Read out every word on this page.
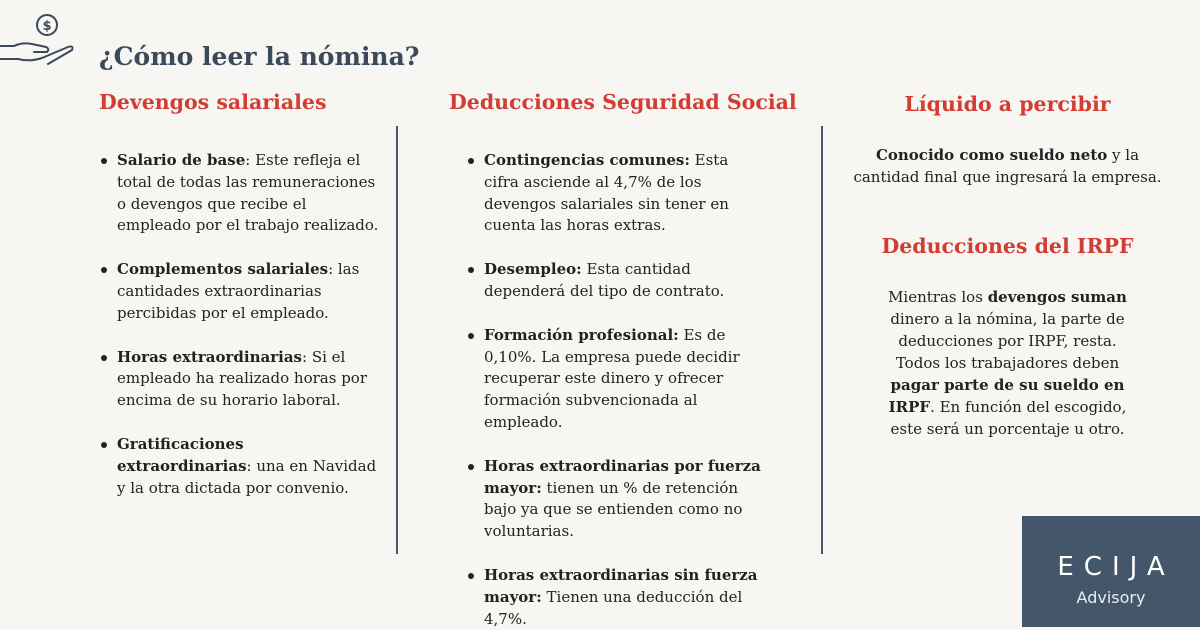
$
¿Cómo leer la nómina?
Devengos salariales
Salario de base: Este refleja el total de todas las remuneraciones o devengos que recibe el empleado por el trabajo realizado.
Complementos salariales: las cantidades extraordinarias percibidas por el empleado.
Horas extraordinarias: Si el empleado ha realizado horas por encima de su horario laboral.
Gratificaciones extraordinarias: una en Navidad y la otra dictada por convenio.
Deducciones Seguridad Social
Contingencias comunes: Esta cifra asciende al 4,7% de los devengos salariales sin tener en cuenta las horas extras.
Desempleo: Esta cantidad dependerá del tipo de contrato.
Formación profesional: Es de 0,10%. La empresa puede decidir recuperar este dinero y ofrecer formación subvencionada al empleado.
Horas extraordinarias por fuerza mayor: tienen un % de retención bajo ya que se entienden como no voluntarias.
Horas extraordinarias sin fuerza mayor: Tienen una deducción del 4,7%.
Líquido a percibir

Conocido como sueldo neto y la cantidad final que ingresará la empresa.

Deducciones del IRPF

Mientras los devengos suman dinero a la nómina, la parte de deducciones por IRPF, resta. Todos los trabajadores deben pagar parte de su sueldo en IRPF. En función del escogido, este será un porcentaje u otro.

ECIJA
Advisory
